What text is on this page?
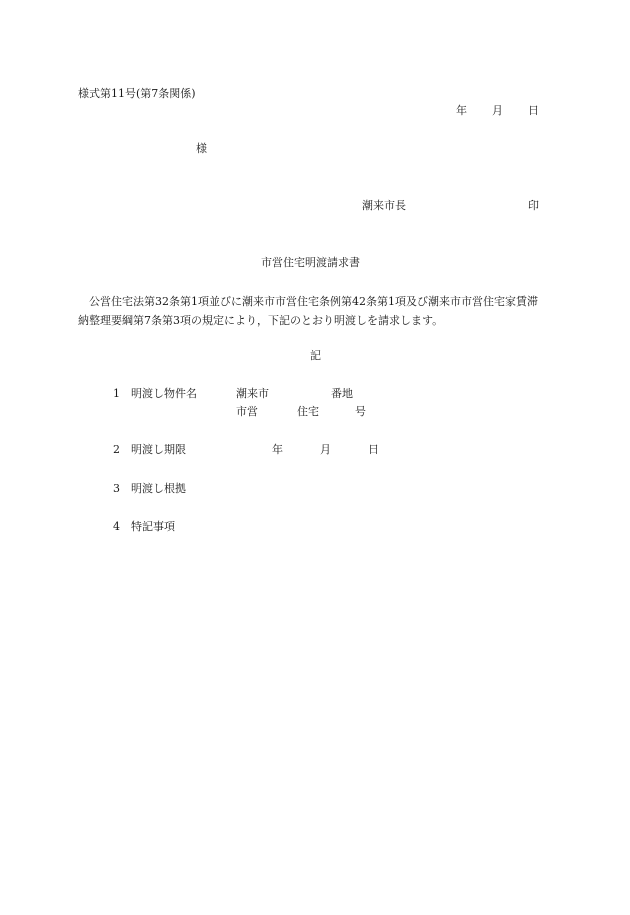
様式第11号(第7条関係)
年 月 日
様
潮来市長	印
市営住宅明渡請求書
公営住宅法第32条第1項並びに潮来市市営住宅条例第42条第1項及び潮来市市営住宅家賃滞納整理要綱第7条第3項の規定により，下記のとおり明渡しを請求します。
記
1 明渡し物件名	潮来市	番地
市営	住宅	号
2 明渡し期限	年	月	日
3 明渡し根拠
4 特記事項
